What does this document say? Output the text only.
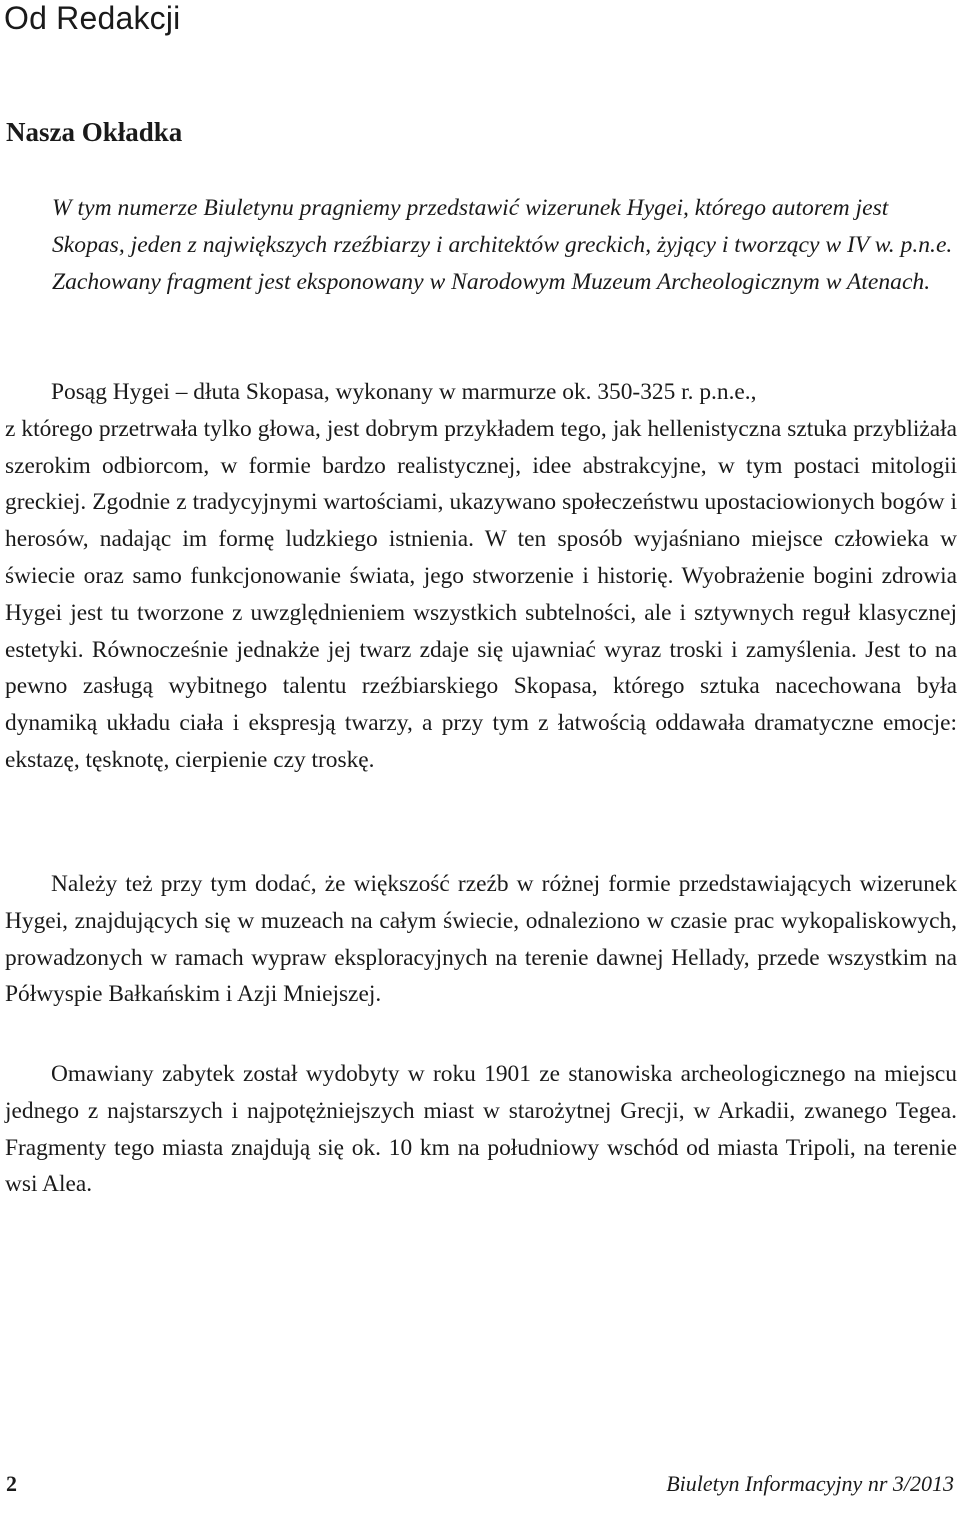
Od Redakcji
Nasza Okładka

W tym numerze Biuletynu pragniemy przedstawić wizerunek Hygei, którego autorem jest Skopas, jeden z największych rzeźbiarzy i architektów greckich, żyjący i tworzący w IV w. p.n.e. Zachowany fragment jest eksponowany w Narodowym Muzeum Archeologicznym w Atenach.

Posąg Hygei – dłuta Skopasa, wykonany w marmurze ok. 350-325 r. p.n.e.,
z którego przetrwała tylko głowa, jest dobrym przykładem tego, jak hellenistyczna sztuka przybliżała szerokim odbiorcom, w formie bardzo realistycznej, idee abstrakcyjne, w tym postaci mitologii greckiej. Zgodnie z tradycyjnymi wartościami, ukazywano społeczeństwu upostaciowionych bogów i herosów, nadając im formę ludzkiego istnienia. W ten sposób wyjaśniano miejsce człowieka w świecie oraz samo funkcjonowanie świata, jego stworzenie i historię. Wyobrażenie bogini zdrowia Hygei jest tu tworzone z uwzględnieniem wszystkich subtelności, ale i sztywnych reguł klasycznej estetyki. Równocześnie jednakże jej twarz zdaje się ujawniać wyraz troski i zamyślenia. Jest to na pewno zasługą wybitnego talentu rzeźbiarskiego Skopasa, którego sztuka nacechowana była dynamiką układu ciała i ekspresją twarzy, a przy tym z łatwością oddawała dramatyczne emocje: ekstazę, tęsknotę, cierpienie czy troskę.

Należy też przy tym dodać, że większość rzeźb w różnej formie przedstawiających wizerunek Hygei, znajdujących się w muzeach na całym świecie, odnaleziono w czasie prac wykopaliskowych, prowadzonych w ramach wypraw eksploracyjnych na terenie dawnej Hellady, przede wszystkim na Półwyspie Bałkańskim i Azji Mniejszej.

Omawiany zabytek został wydobyty w roku 1901 ze stanowiska archeologicznego na miejscu jednego z najstarszych i najpotężniejszych miast w starożytnej Grecji, w Arkadii, zwanego Tegea. Fragmenty tego miasta znajdują się ok. 10 km na południowy wschód od miasta Tripoli, na terenie wsi Alea.

2	Biuletyn Informacyjny nr 3/2013
